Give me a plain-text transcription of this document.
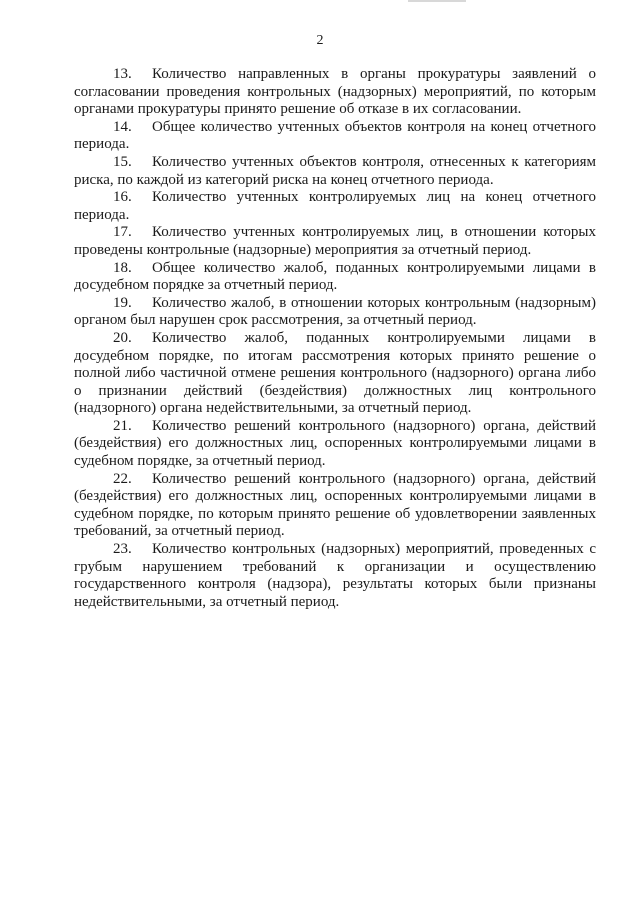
2

13. Количество направленных в органы прокуратуры заявлений о согласовании проведения контрольных (надзорных) мероприятий, по которым органами прокуратуры принято решение об отказе в их согласовании.

14. Общее количество учтенных объектов контроля на конец отчетного периода.

15. Количество учтенных объектов контроля, отнесенных к категориям риска, по каждой из категорий риска на конец отчетного периода.

16. Количество учтенных контролируемых лиц на конец отчетного периода.

17. Количество учтенных контролируемых лиц, в отношении которых проведены контрольные (надзорные) мероприятия за отчетный период.

18. Общее количество жалоб, поданных контролируемыми лицами в досудебном порядке за отчетный период.

19. Количество жалоб, в отношении которых контрольным (надзорным) органом был нарушен срок рассмотрения, за отчетный период.

20. Количество жалоб, поданных контролируемыми лицами в досудебном порядке, по итогам рассмотрения которых принято решение о полной либо частичной отмене решения контрольного (надзорного) органа либо о признании действий (бездействия) должностных лиц контрольного (надзорного) органа недействительными, за отчетный период.

21. Количество решений контрольного (надзорного) органа, действий (бездействия) его должностных лиц, оспоренных контролируемыми лицами в судебном порядке, за отчетный период.

22. Количество решений контрольного (надзорного) органа, действий (бездействия) его должностных лиц, оспоренных контролируемыми лицами в судебном порядке, по которым принято решение об удовлетворении заявленных требований, за отчетный период.

23. Количество контрольных (надзорных) мероприятий, проведенных с грубым нарушением требований к организации и осуществлению государственного контроля (надзора), результаты которых были признаны недействительными, за отчетный период.
